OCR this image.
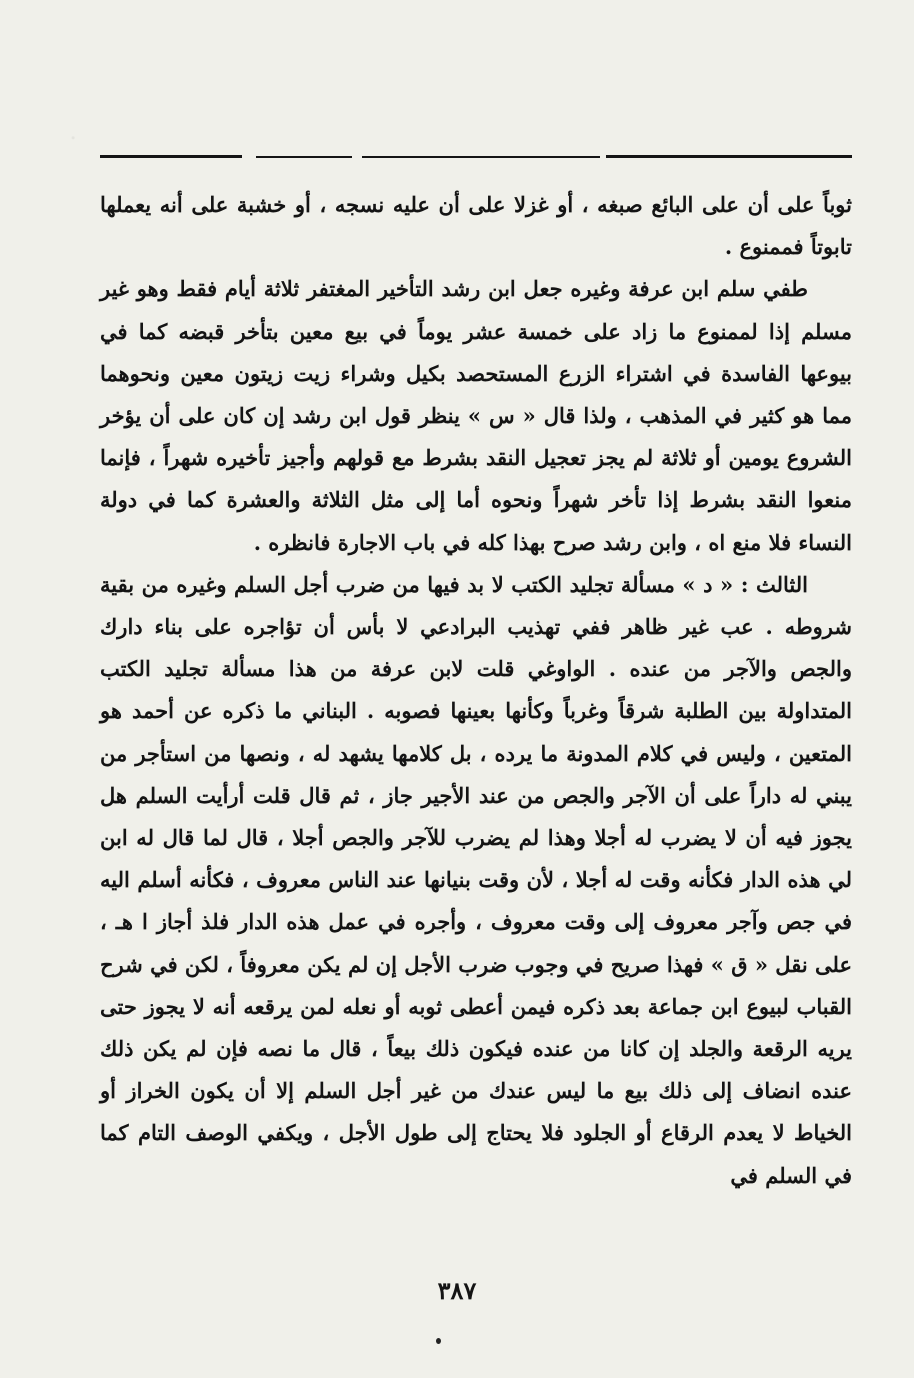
ثوباً على أن على البائع صبغه ، أو غزلا على أن عليه نسجه ، أو خشبة على أنه يعملها تابوتاً فممنوع .

طفي سلم ابن عرفة وغيره جعل ابن رشد التأخير المغتفر ثلاثة أيام فقط وهو غير مسلم إذا لممنوع ما زاد على خمسة عشر يوماً في بيع معين بتأخر قبضه كما في بيوعها الفاسدة في اشتراء الزرع المستحصد بكيل وشراء زيت زيتون معين ونحوهما مما هو كثير في المذهب ، ولذا قال « س » ينظر قول ابن رشد إن كان على أن يؤخر الشروع يومين أو ثلاثة لم يجز تعجيل النقد بشرط مع قولهم وأجيز تأخيره شهراً ، فإنما منعوا النقد بشرط إذا تأخر شهراً ونحوه أما إلى مثل الثلاثة والعشرة كما في دولة النساء فلا منع اه ، وابن رشد صرح بهذا كله في باب الاجارة فانظره .

الثالث : « د » مسألة تجليد الكتب لا بد فيها من ضرب أجل السلم وغيره من بقية شروطه . عب غير ظاهر ففي تهذيب البرادعي لا بأس أن تؤاجره على بناء دارك والجص والآجر من عنده . الواوغي قلت لابن عرفة من هذا مسألة تجليد الكتب المتداولة بين الطلبة شرقاً وغرباً وكأنها بعينها فصوبه . البناني ما ذكره عن أحمد هو المتعين ، وليس في كلام المدونة ما يرده ، بل كلامها يشهد له ، ونصها من استأجر من يبني له داراً على أن الآجر والجص من عند الأجير جاز ، ثم قال قلت أرأيت السلم هل يجوز فيه أن لا يضرب له أجلا وهذا لم يضرب للآجر والجص أجلا ، قال لما قال له ابن لي هذه الدار فكأنه وقت له أجلا ، لأن وقت بنيانها عند الناس معروف ، فكأنه أسلم اليه في جص وآجر معروف إلى وقت معروف ، وأجره في عمل هذه الدار فلذ أجاز ا هـ ، على نقل « ق » فهذا صريح في وجوب ضرب الأجل إن لم يكن معروفاً ، لكن في شرح القباب لبيوع ابن جماعة بعد ذكره فيمن أعطى ثوبه أو نعله لمن يرقعه أنه لا يجوز حتى يريه الرقعة والجلد إن كانا من عنده فيكون ذلك بيعاً ، قال ما نصه فإن لم يكن ذلك عنده انضاف إلى ذلك بيع ما ليس عندك من غير أجل السلم إلا أن يكون الخراز أو الخياط لا يعدم الرقاع أو الجلود فلا يحتاج إلى طول الأجل ، ويكفي الوصف التام كما في السلم في

٣٨٧
